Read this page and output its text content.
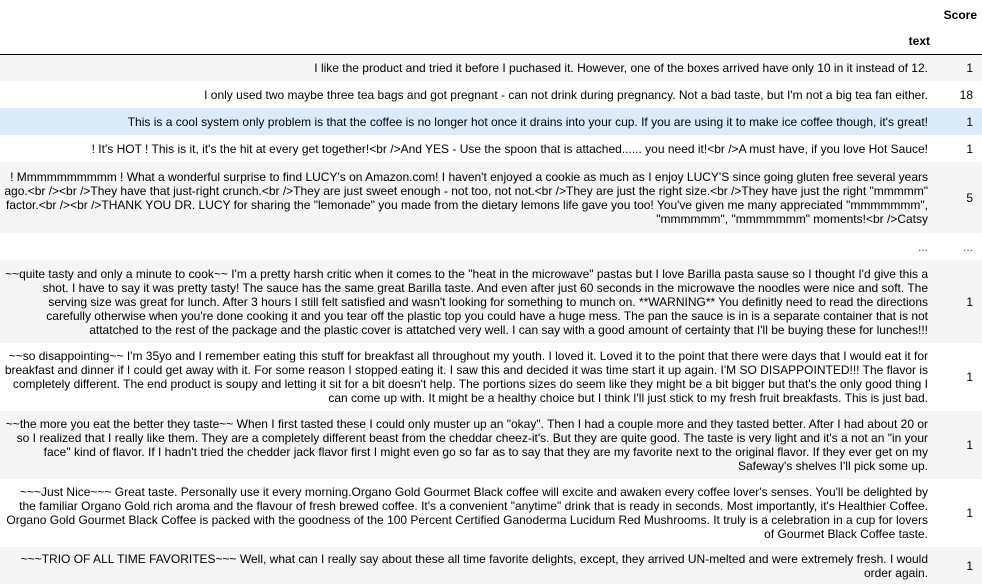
	Score
text	
I like the product and tried it before I puchased it. However, one of the boxes arrived have only 10 in it instead of 12.	1
I only used two maybe three tea bags and got pregnant - can not drink during pregnancy. Not a bad taste, but I'm not a big tea fan either.	18
This is a cool system only problem is that the coffee is no longer hot once it drains into your cup. If you are using it to make ice coffee though, it's great!	1
! It's HOT ! This is it, it's the hit at every get together!<br />And YES - Use the spoon that is attached...... you need it!<br />A must have, if you love Hot Sauce!	1
! Mmmmmmmmmm ! What a wonderful surprise to find LUCY's on Amazon.com! I haven't enjoyed a cookie as much as I enjoy LUCY'S since going gluten free several years ago.<br /><br />They have that just-right crunch.<br />They are just sweet enough - not too, not not.<br />They are just the right size.<br />They have just the right "mmmmm" factor.<br /><br />THANK YOU DR. LUCY for sharing the "lemonade" you made from the dietary lemons life gave you too! You've given me many appreciated "mmmmmmm", "mmmmmm", "mmmmmmm" moments!<br />Catsy	5
...	...
~~quite tasty and only a minute to cook~~ I'm a pretty harsh critic when it comes to the "heat in the microwave" pastas but I love Barilla pasta sause so I thought I'd give this a shot. I have to say it was pretty tasty! The sauce has the same great Barilla taste. And even after just 60 seconds in the microwave the noodles were nice and soft. The serving size was great for lunch. After 3 hours I still felt satisfied and wasn't looking for something to munch on. **WARNING** You definitly need to read the directions carefully otherwise when you're done cooking it and you tear off the plastic top you could have a huge mess. The pan the sauce is in is a separate container that is not attatched to the rest of the package and the plastic cover is attatched very well. I can say with a good amount of certainty that I'll be buying these for lunches!!!	1
~~so disappointing~~ I'm 35yo and I remember eating this stuff for breakfast all throughout my youth. I loved it. Loved it to the point that there were days that I would eat it for breakfast and dinner if I could get away with it. For some reason I stopped eating it. I saw this and decided it was time start it up again. I'M SO DISAPPOINTED!!! The flavor is completely different. The end product is soupy and letting it sit for a bit doesn't help. The portions sizes do seem like they might be a bit bigger but that's the only good thing I can come up with. It might be a healthy choice but I think I'll just stick to my fresh fruit breakfasts. This is just bad.	1
~~the more you eat the better they taste~~ When I first tasted these I could only muster up an "okay". Then I had a couple more and they tasted better. After I had about 20 or so I realized that I really like them. They are a completely different beast from the cheddar cheez-it's. But they are quite good. The taste is very light and it's a not an "in your face" kind of flavor. If I hadn't tried the chedder jack flavor first I might even go so far as to say that they are my favorite next to the original flavor. If they ever get on my Safeway's shelves I'll pick some up.	1
~~~Just Nice~~~ Great taste. Personally use it every morning.Organo Gold Gourmet Black coffee will excite and awaken every coffee lover's senses. You'll be delighted by the familiar Organo Gold rich aroma and the flavour of fresh brewed coffee. It's a convenient "anytime" drink that is ready in seconds. Most importantly, it's Healthier Coffee. Organo Gold Gourmet Black Coffee is packed with the goodness of the 100 Percent Certified Ganoderma Lucidum Red Mushrooms. It truly is a celebration in a cup for lovers of Gourmet Black Coffee taste.	1
~~~TRIO OF ALL TIME FAVORITES~~~ Well, what can I really say about these all time favorite delights, except, they arrived UN-melted and were extremely fresh. I would order again.	1
